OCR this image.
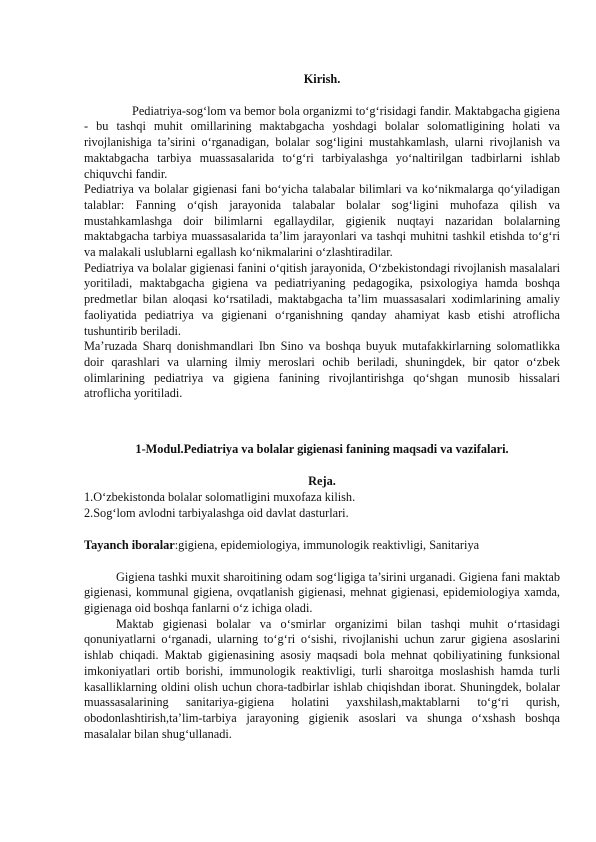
Kirish.

Pediatriya-sog‘lom va bemor bola organizmi to‘g‘risidagi fandir. Maktabgacha gigiena - bu tashqi muhit omillarining maktabgacha yoshdagi bolalar solomatligining holati va rivojlanishiga ta’sirini o‘rganadigan, bolalar sog‘ligini mustahkamlash, ularni rivojlanish va maktabgacha tarbiya muassasalarida to‘g‘ri tarbiyalashga yo‘naltirilgan tadbirlarni ishlab chiquvchi fandir.

Pediatriya va bolalar gigienasi fani bo‘yicha talabalar bilimlari va ko‘nikmalarga qo‘yiladigan talablar: Fanning o‘qish jarayonida talabalar bolalar sog‘ligini muhofaza qilish va mustahkamlashga doir bilimlarni egallaydilar, gigienik nuqtayi nazaridan bolalarning maktabgacha tarbiya muassasalarida ta’lim jarayonlari va tashqi muhitni tashkil etishda to‘g‘ri va malakali uslublarni egallash ko‘nikmalarini o‘zlashtiradilar.

Pediatriya va bolalar gigienasi fanini o‘qitish jarayonida, O‘zbekistondagi rivojlanish masalalari yoritiladi, maktabgacha gigiena va pediatriyaning pedagogika, psixologiya hamda boshqa predmetlar bilan aloqasi ko‘rsatiladi, maktabgacha ta’lim muassasalari xodimlarining amaliy faoliyatida pediatriya va gigienani o‘rganishning qanday ahamiyat kasb etishi atroflicha tushuntirib beriladi.

Ma’ruzada Sharq donishmandlari Ibn Sino va boshqa buyuk mutafakkirlarning solomatlikka doir qarashlari va ularning ilmiy meroslari ochib beriladi, shuningdek, bir qator o‘zbek olimlarining pediatriya va gigiena fanining rivojlantirishga qo‘shgan munosib hissalari atroflicha yoritiladi.

1-Modul.Pediatriya va bolalar gigienasi fanining maqsadi va vazifalari.
Reja.
1.O‘zbekistonda bolalar solomatligini muxofaza kilish.
2.Sog‘lom avlodni tarbiyalashga oid davlat dasturlari.
Tayanch iboralar:gigiena, epidemiologiya, immunologik reaktivligi, Sanitariya

Gigiena tashki muxit sharoitining odam sog‘ligiga ta’sirini urganadi. Gigiena fani maktab gigienasi, kommunal gigiena, ovqatlanish gigienasi, mehnat gigienasi, epidemiologiya xamda, gigienaga oid boshqa fanlarni o‘z ichiga oladi.

Maktab gigienasi bolalar va o‘smirlar organizimi bilan tashqi muhit o‘rtasidagi qonuniyatlarni o‘rganadi, ularning to‘g‘ri o‘sishi, rivojlanishi uchun zarur gigiena asoslarini ishlab chiqadi. Maktab gigienasining asosiy maqsadi bola mehnat qobiliyatining funksional imkoniyatlari ortib borishi, immunologik reaktivligi, turli sharoitga moslashish hamda turli kasalliklarning oldini olish uchun chora-tadbirlar ishlab chiqishdan iborat. Shuningdek, bolalar muassasalarining sanitariya-gigiena holatini yaxshilash,maktablarni to‘g‘ri qurish, obodonlashtirish,ta’lim-tarbiya jarayoning gigienik asoslari va shunga o‘xshash boshqa masalalar bilan shug‘ullanadi.
